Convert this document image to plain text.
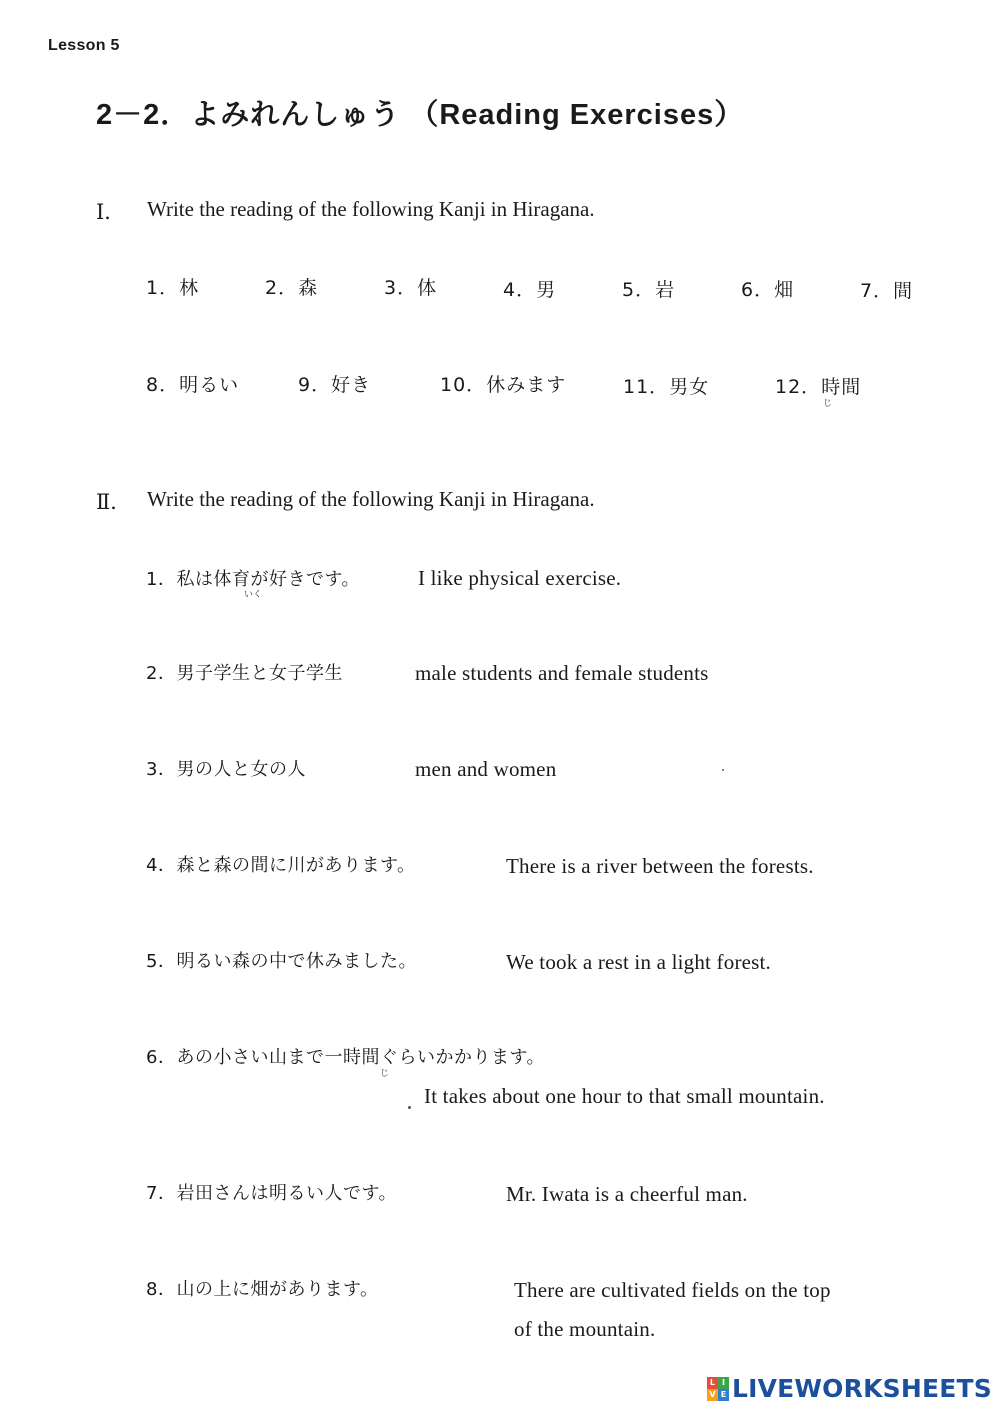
Lesson 5
2－2．よみれんしゅう （Reading Exercises）
Ⅰ． Write the reading of the following Kanji in Hiragana.
1．林	2．森	3．体	4．男	5．岩	6．畑	7．間
8．明るい	9．好き	10．休みます	11．男女	12．時間
じ
Ⅱ． Write the reading of the following Kanji in Hiragana.
1．私は体育が好きです。
いく
I like physical exercise.
2．男子学生と女子学生	male students and female students
3．男の人と女の人	men and women
4．森と森の間に川があります。	There is a river between the forests.
5．明るい森の中で休みました。	We took a rest in a light forest.
6．あの小さい山まで一時間ぐらいかかります。
じ
It takes about one hour to that small mountain.
7．岩田さんは明るい人です。	Mr. Iwata is a cheerful man.
8．山の上に畑があります。	There are cultivated fields on the top
of the mountain.
L I
V E LIVEWORKSHEETS
